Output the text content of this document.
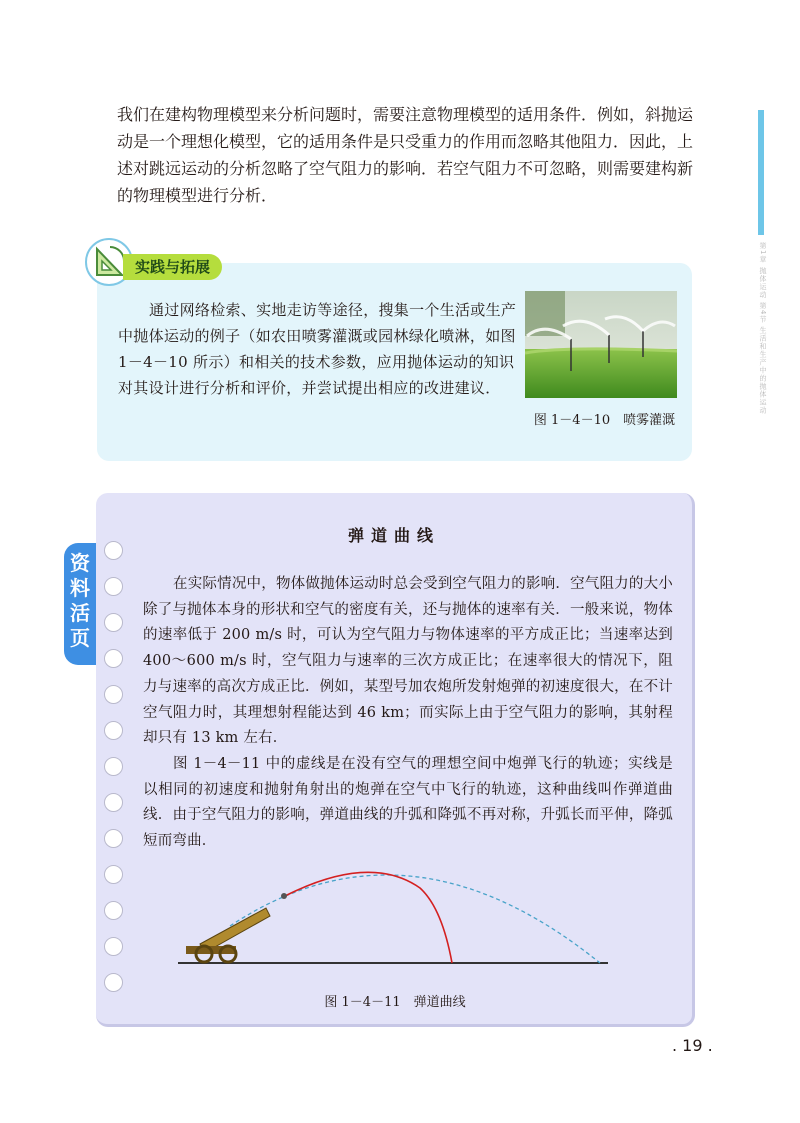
我们在建构物理模型来分析问题时，需要注意物理模型的适用条件．例如，斜抛运动是一个理想化模型，它的适用条件是只受重力的作用而忽略其他阻力．因此，上述对跳远运动的分析忽略了空气阻力的影响．若空气阻力不可忽略，则需要建构新的物理模型进行分析．

第1章 抛体运动 第4节 生活和生产中的抛体运动
实践与拓展

通过网络检索、实地走访等途径，搜集一个生活或生产中抛体运动的例子（如农田喷雾灌溉或园林绿化喷淋，如图 1－4－10 所示）和相关的技术参数，应用抛体运动的知识对其设计进行分析和评价，并尝试提出相应的改进建议．

图 1－4－10　喷雾灌溉
资
料
活
页
弹道曲线

在实际情况中，物体做抛体运动时总会受到空气阻力的影响．空气阻力的大小除了与抛体本身的形状和空气的密度有关，还与抛体的速率有关．一般来说，物体的速率低于 200 m/s 时，可认为空气阻力与物体速率的平方成正比；当速率达到 400～600 m/s 时，空气阻力与速率的三次方成正比；在速率很大的情况下，阻力与速率的高次方成正比．例如，某型号加农炮所发射炮弹的初速度很大，在不计空气阻力时，其理想射程能达到 46 km；而实际上由于空气阻力的影响，其射程却只有 13 km 左右．

图 1－4－11 中的虚线是在没有空气的理想空间中炮弹飞行的轨迹；实线是以相同的初速度和抛射角射出的炮弹在空气中飞行的轨迹，这种曲线叫作弹道曲线．由于空气阻力的影响，弹道曲线的升弧和降弧不再对称，升弧长而平伸，降弧短而弯曲．

图 1－4－11　弹道曲线
. 19 .
